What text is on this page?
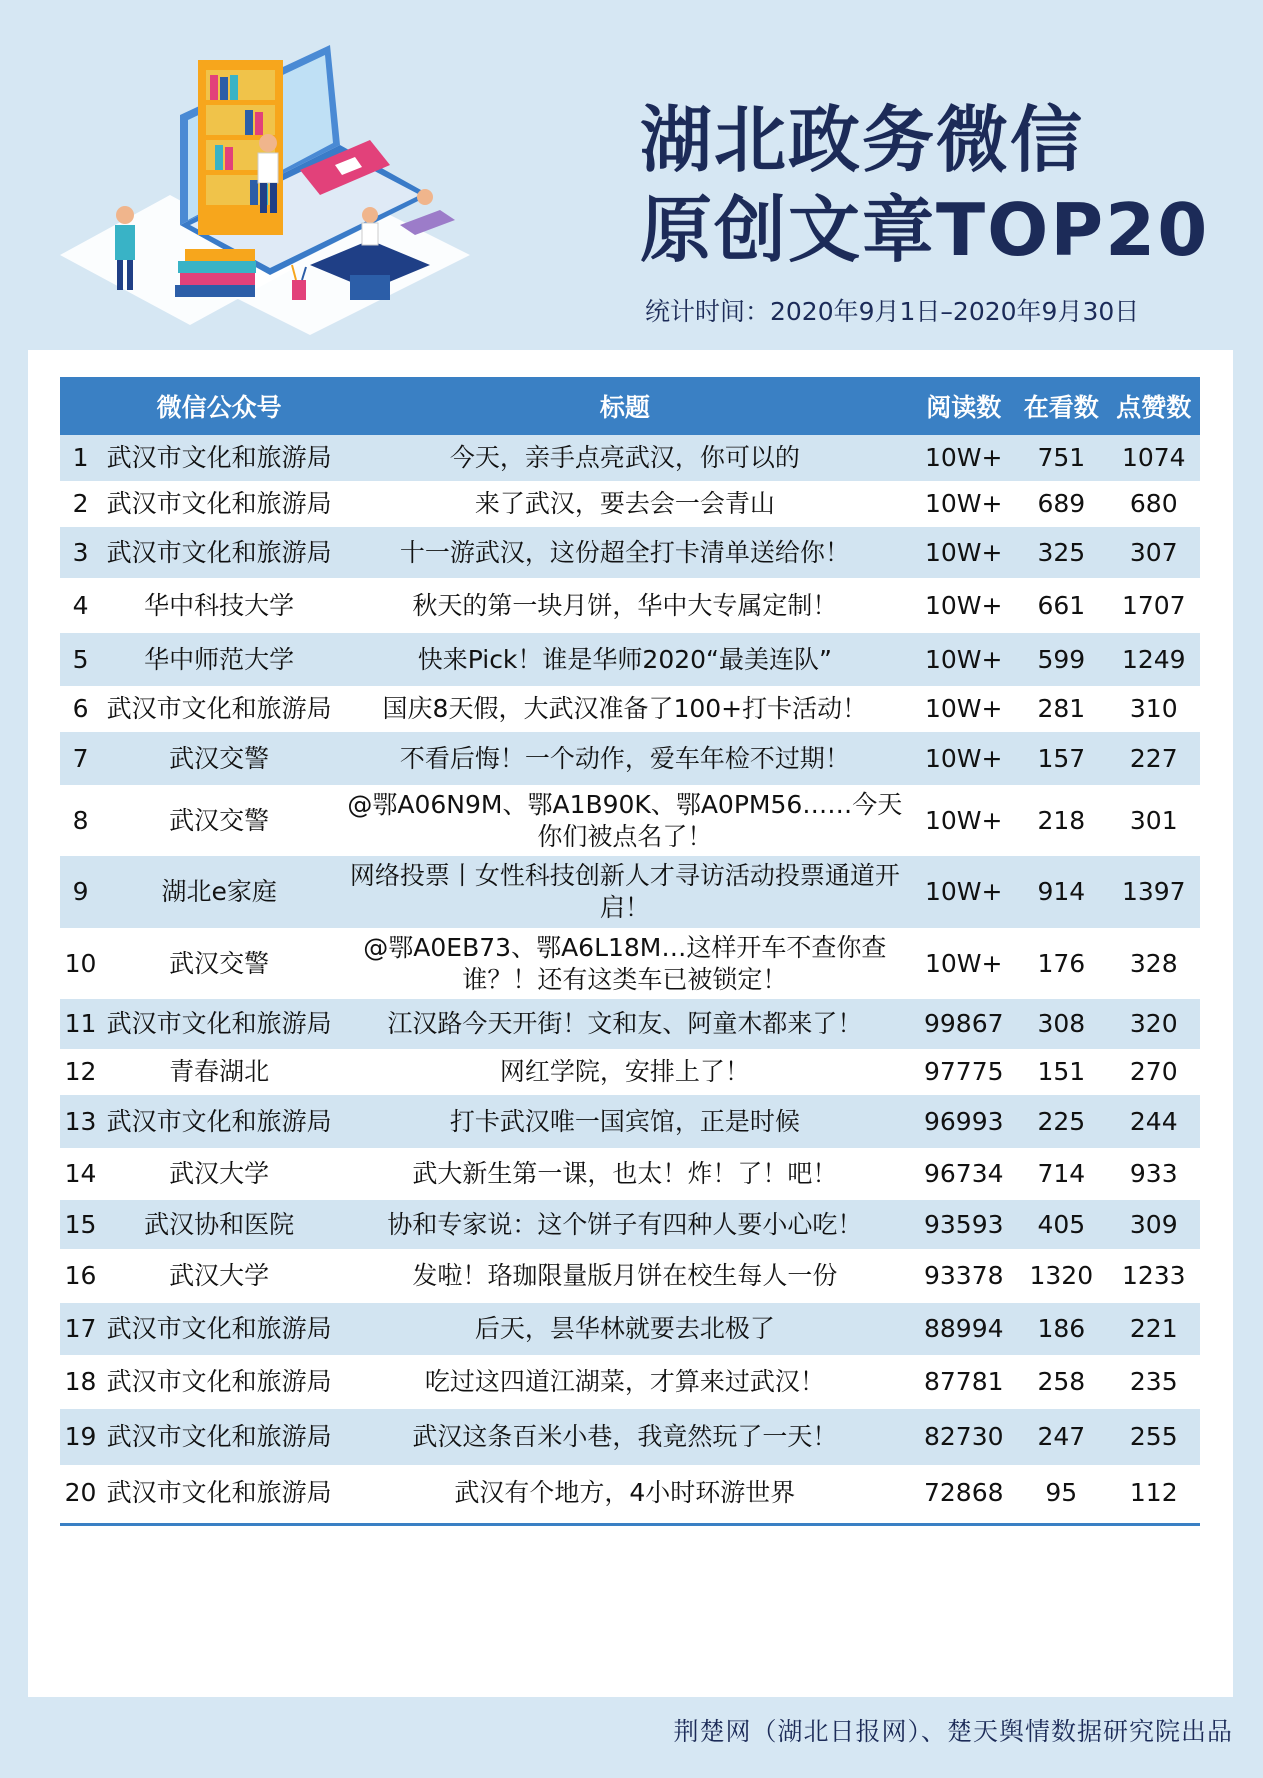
湖北政务微信
原创文章TOP20
统计时间：2020年9月1日–2020年9月30日
	微信公众号	标题	阅读数	在看数	点赞数
1	武汉市文化和旅游局	今天，亲手点亮武汉，你可以的	10W+	751	1074
2	武汉市文化和旅游局	来了武汉，要去会一会青山	10W+	689	680
3	武汉市文化和旅游局	十一游武汉，这份超全打卡清单送给你！	10W+	325	307
4	华中科技大学	秋天的第一块月饼，华中大专属定制！	10W+	661	1707
5	华中师范大学	快来Pick！谁是华师2020“最美连队”	10W+	599	1249
6	武汉市文化和旅游局	国庆8天假，大武汉准备了100+打卡活动！	10W+	281	310
7	武汉交警	不看后悔！一个动作，爱车年检不过期！	10W+	157	227
8	武汉交警	@鄂A06N9M、鄂A1B90K、鄂A0PM56……今天你们被点名了！	10W+	218	301
9	湖北e家庭	网络投票丨女性科技创新人才寻访活动投票通道开启！	10W+	914	1397
10	武汉交警	@鄂A0EB73、鄂A6L18M…这样开车不查你查谁？！还有这类车已被锁定！	10W+	176	328
11	武汉市文化和旅游局	江汉路今天开街！文和友、阿童木都来了！	99867	308	320
12	青春湖北	网红学院，安排上了！	97775	151	270
13	武汉市文化和旅游局	打卡武汉唯一国宾馆，正是时候	96993	225	244
14	武汉大学	武大新生第一课，也太！炸！了！吧！	96734	714	933
15	武汉协和医院	协和专家说：这个饼子有四种人要小心吃！	93593	405	309
16	武汉大学	发啦！珞珈限量版月饼在校生每人一份	93378	1320	1233
17	武汉市文化和旅游局	后天，昙华林就要去北极了	88994	186	221
18	武汉市文化和旅游局	吃过这四道江湖菜，才算来过武汉！	87781	258	235
19	武汉市文化和旅游局	武汉这条百米小巷，我竟然玩了一天！	82730	247	255
20	武汉市文化和旅游局	武汉有个地方，4小时环游世界	72868	95	112
荆楚网（湖北日报网）、楚天舆情数据研究院出品
